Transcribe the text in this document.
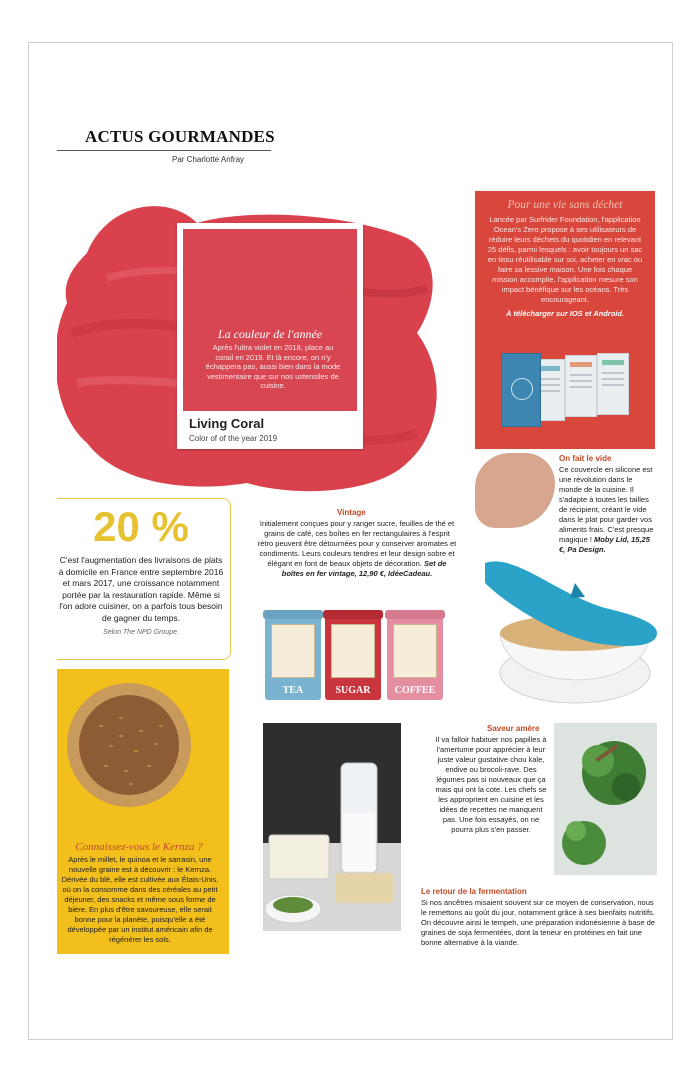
ACTUS GOURMANDES
Par Charlotte Anfray
La couleur de l'année
Après l'ultra violet en 2018, place au corail en 2019. Et là encore, on n'y échappera pas, aussi bien dans la mode vestimentaire que sur nos ustensiles de cuisine.
Living Coral
Color of of the year 2019
Pour une vie sans déchet
Lancée par Surfrider Foundation, l'application Ocean's Zero propose à ses utilisateurs de réduire leurs déchets du quotidien en relevant 25 défis, parmi lesquels : avoir toujours un sac en tissu réutilisable sur soi, acheter en vrac ou faire sa lessive maison. Une fois chaque mission accomplie, l'application mesure son impact bénéfique sur les océans. Très encourageant.
À télécharger sur IOS et Android.
On fait le vide
Ce couvercle en silicone est une révolution dans le monde de la cuisine. Il s'adapte à toutes les tailles de récipient, créant le vide dans le plat pour garder vos aliments frais. C'est presque magique ! Moby Lid, 15,25 €, Pa Design.
20 %
C'est l'augmentation des livraisons de plats à domicile en France entre septembre 2016 et mars 2017, une croissance notamment portée par la restauration rapide. Même si l'on adore cuisiner, on a parfois tous besoin de gagner du temps.
Selon The NPD Groupe.
Vintage
Initialement conçues pour y ranger sucre, feuilles de thé et grains de café, ces boîtes en fer rectangulaires à l'esprit rétro peuvent être détournées pour y conserver aromates et condiments. Leurs couleurs tendres et leur design sobre et élégant en font de beaux objets de décoration. Set de boîtes en fer vintage, 12,90 €, IdéeCadeau.
TEA	SUGAR	COFFEE
Connaissez-vous le Kernza ?
Après le millet, le quinoa et le sarrasin, une nouvelle graine est à découvrir : le Kernza. Dérivée du blé, elle est cultivée aux États-Unis, où on la consomme dans des céréales au petit déjeuner, des snacks et même sous forme de bière. En plus d'être savoureuse, elle serait bonne pour la planète, puisqu'elle a été développée par un institut américain afin de régénérer les sols.
Saveur amère
Il va falloir habituer nos papilles à l'amertume pour apprécier à leur juste valeur gustative chou kale, endive ou brocoli-rave. Des légumes pas si nouveaux que ça mais qui ont la cote. Les chefs se les approprient en cuisine et les idées de recettes ne manquent pas. Une fois essayés, on ne pourra plus s'en passer.
Le retour de la fermentation
Si nos ancêtres misaient souvent sur ce moyen de conservation, nous le remettons au goût du jour, notamment grâce à ses bienfaits nutritifs. On découvre ainsi le tempeh, une préparation indonésienne à base de graines de soja fermentées, dont la teneur en protéines en fait une bonne alternative à la viande.
